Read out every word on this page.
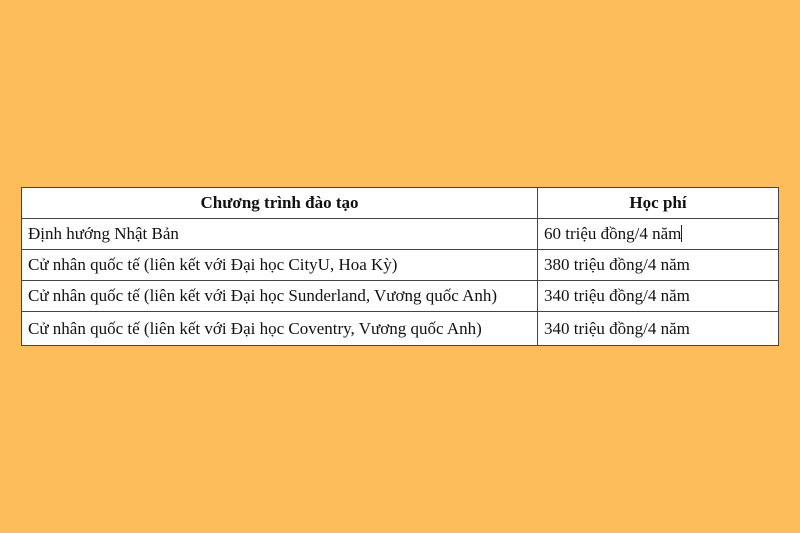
Chương trình đào tạo	Học phí
Định hướng Nhật Bản	60 triệu đồng/4 năm
Cử nhân quốc tế (liên kết với Đại học CityU, Hoa Kỳ)	380 triệu đồng/4 năm
Cử nhân quốc tế (liên kết với Đại học Sunderland, Vương quốc Anh)	340 triệu đồng/4 năm
Cử nhân quốc tế (liên kết với Đại học Coventry, Vương quốc Anh)	340 triệu đồng/4 năm
